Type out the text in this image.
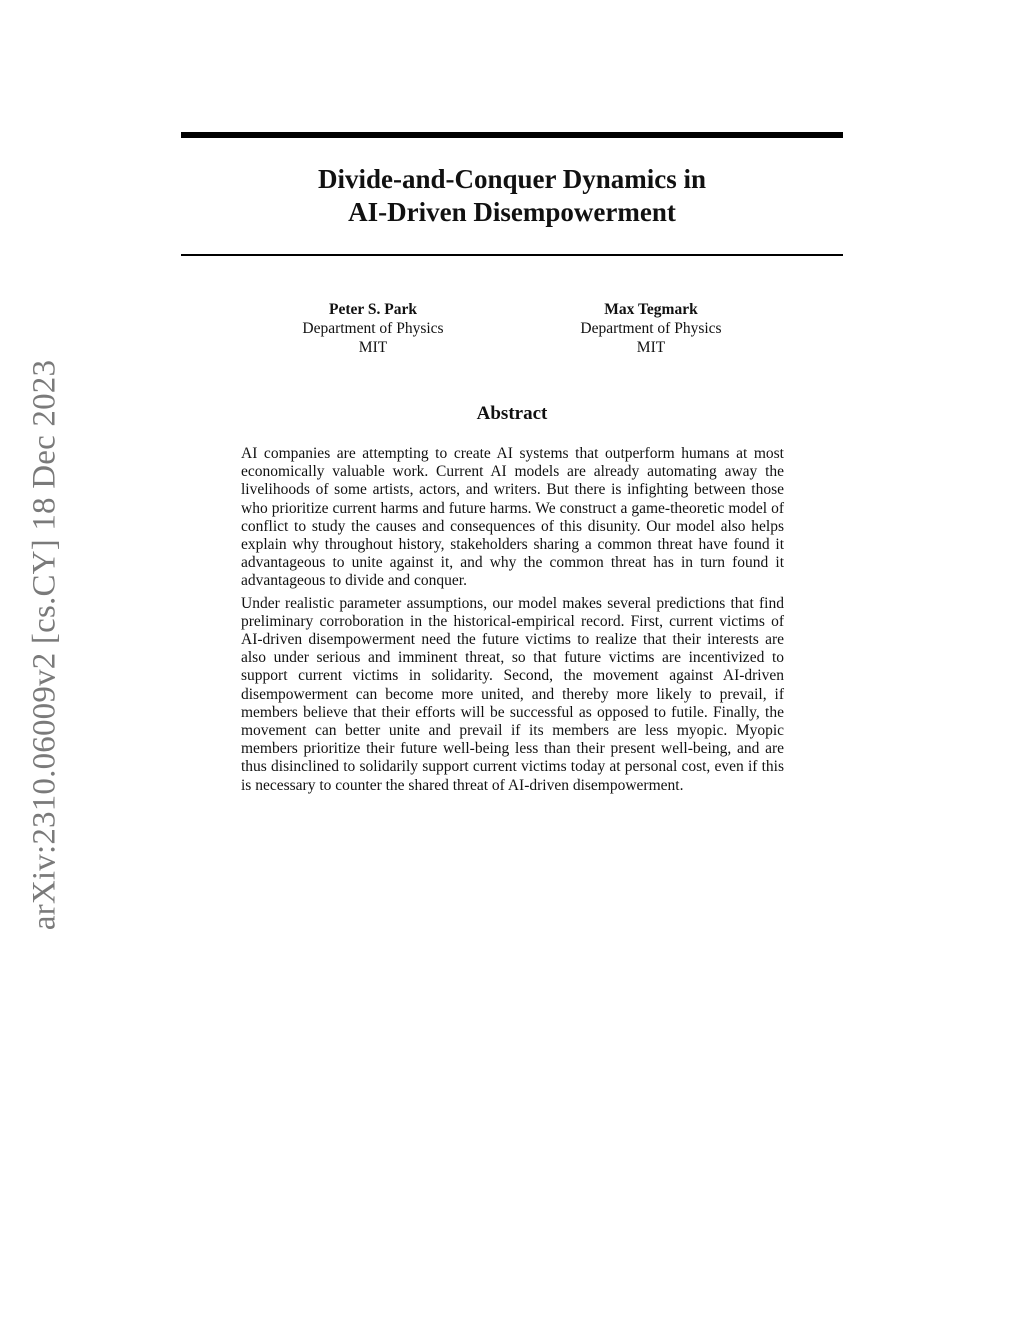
Divide-and-Conquer Dynamics in
AI-Driven Disempowerment
Peter S. Park
Department of Physics
MIT
Max Tegmark
Department of Physics
MIT
Abstract

AI companies are attempting to create AI systems that outperform humans at most economically valuable work. Current AI models are already automating away the livelihoods of some artists, actors, and writers. But there is infighting between those who prioritize current harms and future harms. We construct a game-theoretic model of conflict to study the causes and consequences of this disunity. Our model also helps explain why throughout history, stakeholders sharing a common threat have found it advantageous to unite against it, and why the common threat has in turn found it advantageous to divide and conquer.

Under realistic parameter assumptions, our model makes several predictions that find preliminary corroboration in the historical-empirical record. First, current victims of AI-driven disempowerment need the future victims to realize that their interests are also under serious and imminent threat, so that future victims are incentivized to support current victims in solidarity. Second, the movement against AI-driven disempowerment can become more united, and thereby more likely to prevail, if members believe that their efforts will be successful as opposed to futile. Finally, the movement can better unite and prevail if its members are less myopic. Myopic members prioritize their future well-being less than their present well-being, and are thus disinclined to solidarily support current victims today at personal cost, even if this is necessary to counter the shared threat of AI-driven disempowerment.

arXiv:2310.06009v2 [cs.CY] 18 Dec 2023
